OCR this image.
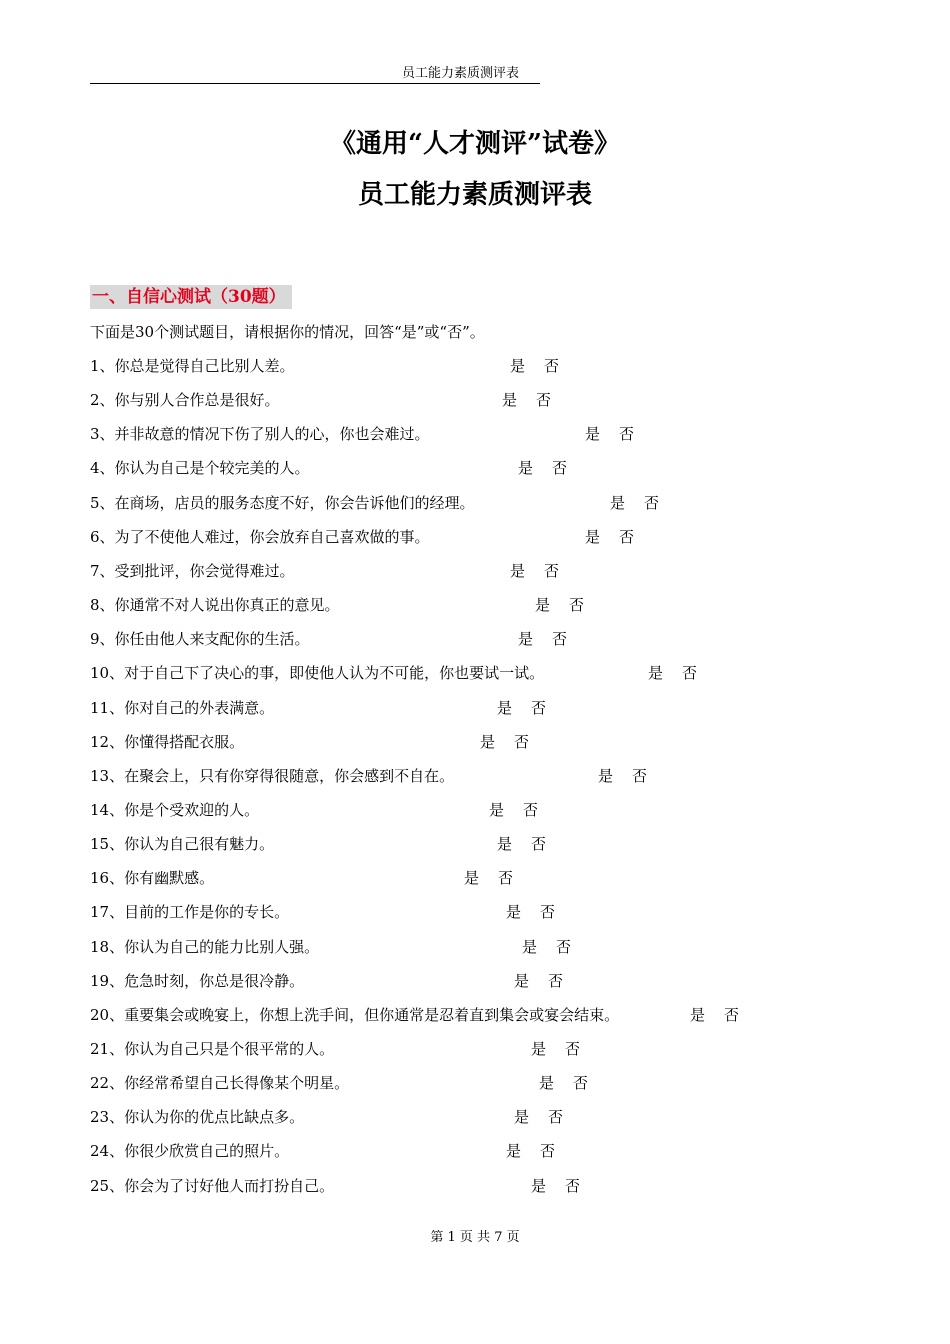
员工能力素质测评表
《通用“人才测评”试卷》
员工能力素质测评表
一、自信心测试（30题）
下面是30个测试题目，请根据你的情况，回答“是”或“否”。
1、你总是觉得自己比别人差。	是 否
2、你与别人合作总是很好。	是 否
3、并非故意的情况下伤了别人的心，你也会难过。	是 否
4、你认为自己是个较完美的人。	是 否
5、在商场，店员的服务态度不好，你会告诉他们的经理。	是 否
6、为了不使他人难过，你会放弃自己喜欢做的事。	是 否
7、受到批评，你会觉得难过。	是 否
8、你通常不对人说出你真正的意见。	是 否
9、你任由他人来支配你的生活。	是 否
10、对于自己下了决心的事，即使他人认为不可能，你也要试一试。	是 否
11、你对自己的外表满意。	是 否
12、你懂得搭配衣服。	是 否
13、在聚会上，只有你穿得很随意，你会感到不自在。	是 否
14、你是个受欢迎的人。	是 否
15、你认为自己很有魅力。	是 否
16、你有幽默感。	是 否
17、目前的工作是你的专长。	是 否
18、你认为自己的能力比别人强。	是 否
19、危急时刻，你总是很冷静。	是 否
20、重要集会或晚宴上，你想上洗手间，但你通常是忍着直到集会或宴会结束。	是 否
21、你认为自己只是个很平常的人。	是 否
22、你经常希望自己长得像某个明星。	是 否
23、你认为你的优点比缺点多。	是 否
24、你很少欣赏自己的照片。	是 否
25、你会为了讨好他人而打扮自己。	是 否
第 1 页 共 7 页
